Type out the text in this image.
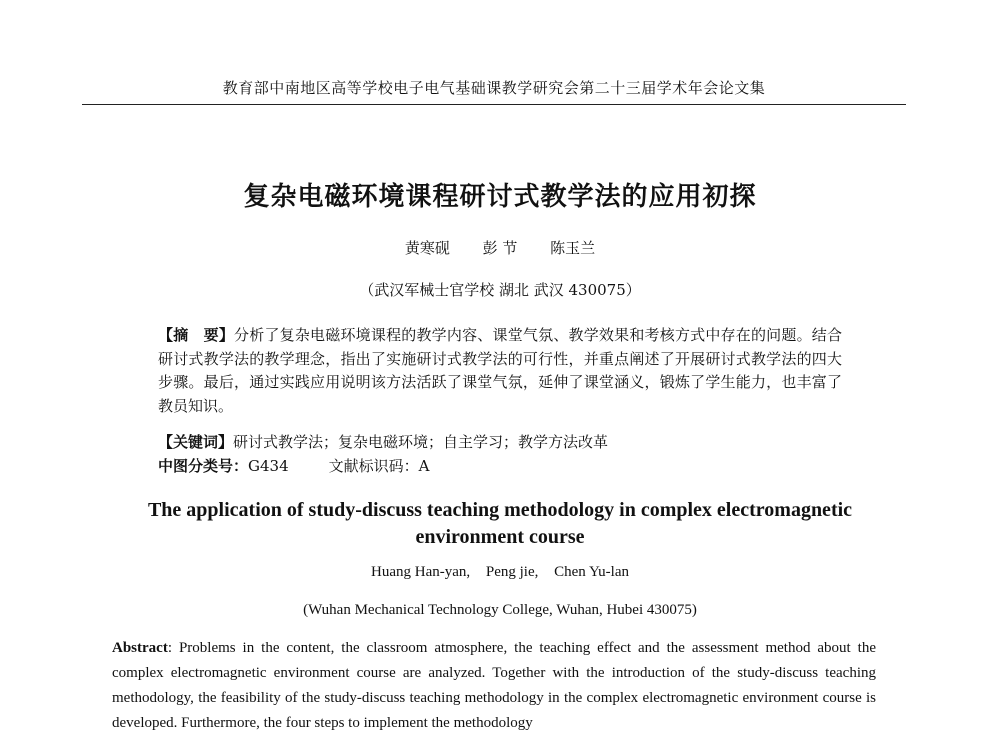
教育部中南地区高等学校电子电气基础课教学研究会第二十三届学术年会论文集
复杂电磁环境课程研讨式教学法的应用初探
黄寒砚 彭 节 陈玉兰
（武汉军械士官学校 湖北 武汉 430075）
【摘　要】分析了复杂电磁环境课程的教学内容、课堂气氛、教学效果和考核方式中存在的问题。结合研讨式教学法的教学理念，指出了实施研讨式教学法的可行性，并重点阐述了开展研讨式教学法的四大步骤。最后，通过实践应用说明该方法活跃了课堂气氛，延伸了课堂涵义，锻炼了学生能力，也丰富了教员知识。
【关键词】研讨式教学法；复杂电磁环境；自主学习；教学方法改革
中图分类号：G434	文献标识码：A
The application of study-discuss teaching methodology in complex electromagnetic environment course
Huang Han-yan, Peng jie, Chen Yu-lan
(Wuhan Mechanical Technology College, Wuhan, Hubei 430075)
Abstract: Problems in the content, the classroom atmosphere, the teaching effect and the assessment method about the complex electromagnetic environment course are analyzed. Together with the introduction of the study-discuss teaching methodology, the feasibility of the study-discuss teaching methodology in the complex electromagnetic environment course is developed. Furthermore, the four steps to implement the methodology
